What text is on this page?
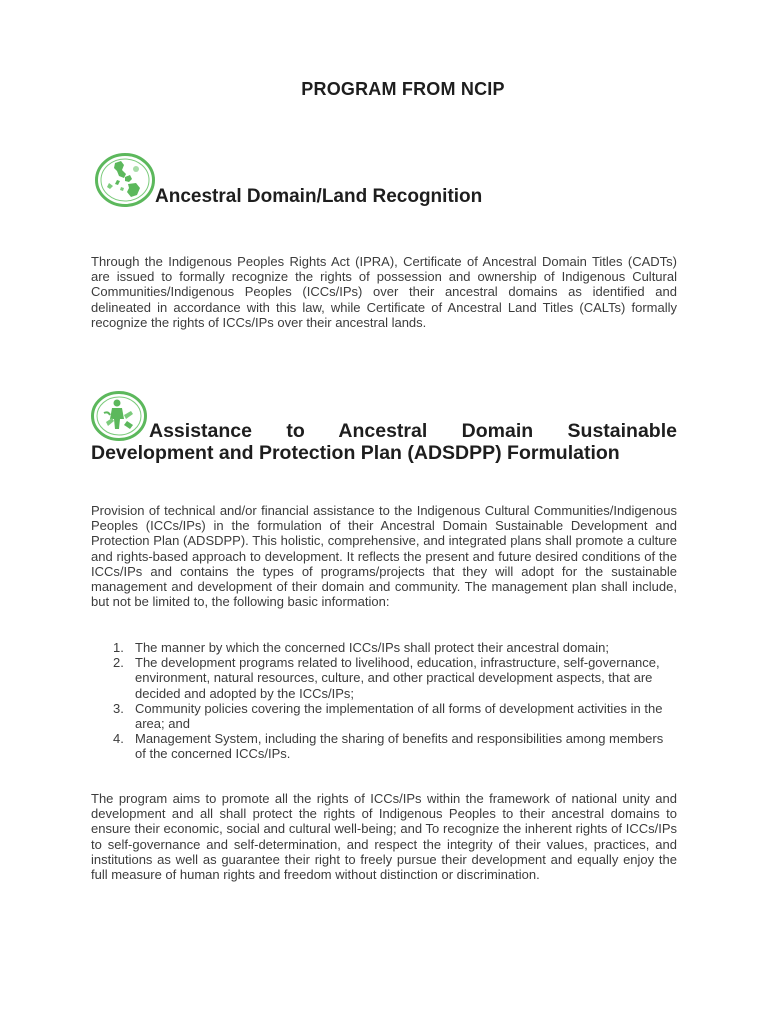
PROGRAM FROM NCIP
Ancestral Domain/Land Recognition
Through the Indigenous Peoples Rights Act (IPRA), Certificate of Ancestral Domain Titles (CADTs) are issued to formally recognize the rights of possession and ownership of Indigenous Cultural Communities/Indigenous Peoples (ICCs/IPs) over their ancestral domains as identified and delineated in accordance with this law, while Certificate of Ancestral Land Titles (CALTs) formally recognize the rights of ICCs/IPs over their ancestral lands.
Assistance to Ancestral Domain Sustainable Development and Protection Plan (ADSDPP) Formulation
Provision of technical and/or financial assistance to the Indigenous Cultural Communities/Indigenous Peoples (ICCs/IPs) in the formulation of their Ancestral Domain Sustainable Development and Protection Plan (ADSDPP). This holistic, comprehensive, and integrated plans shall promote a culture and rights-based approach to development. It reflects the present and future desired conditions of the ICCs/IPs and contains the types of programs/projects that they will adopt for the sustainable management and development of their domain and community. The management plan shall include, but not be limited to, the following basic information:
1. The manner by which the concerned ICCs/IPs shall protect their ancestral domain;
2. The development programs related to livelihood, education, infrastructure, self-governance, environment, natural resources, culture, and other practical development aspects, that are decided and adopted by the ICCs/IPs;
3. Community policies covering the implementation of all forms of development activities in the area; and
4. Management System, including the sharing of benefits and responsibilities among members of the concerned ICCs/IPs.
The program aims to promote all the rights of ICCs/IPs within the framework of national unity and development and all shall protect the rights of Indigenous Peoples to their ancestral domains to ensure their economic, social and cultural well-being; and To recognize the inherent rights of ICCs/IPs to self-governance and self-determination, and respect the integrity of their values, practices, and institutions as well as guarantee their right to freely pursue their development and equally enjoy the full measure of human rights and freedom without distinction or discrimination.
